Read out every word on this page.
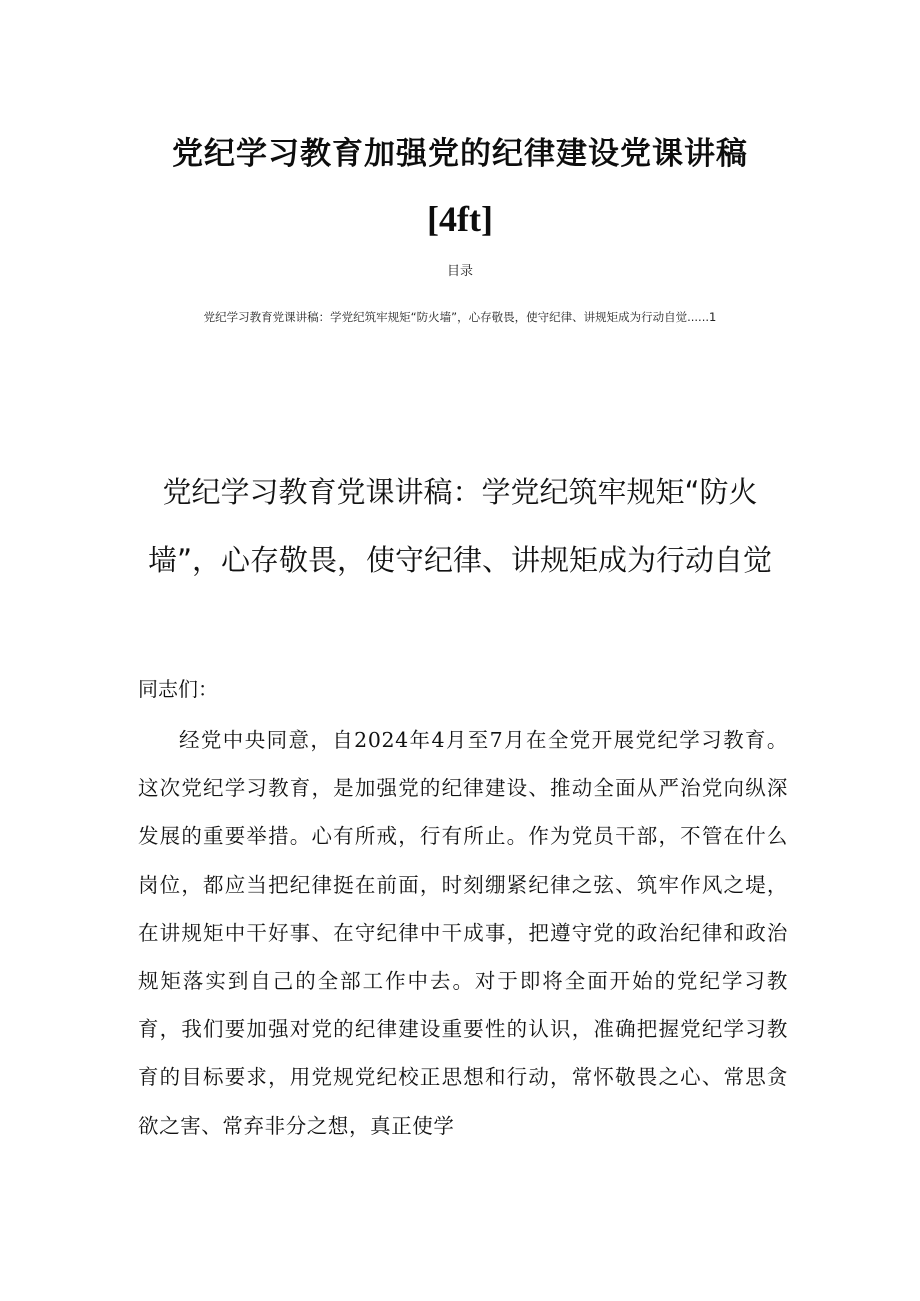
党纪学习教育加强党的纪律建设党课讲稿
[4ft]
目录
党纪学习教育党课讲稿：学党纪筑牢规矩“防火墙”，心存敬畏，使守纪律、讲规矩成为行动自觉......1
党纪学习教育党课讲稿：学党纪筑牢规矩“防火墙”，心存敬畏，使守纪律、讲规矩成为行动自觉
同志们：

经党中央同意，自2024年4月至7月在全党开展党纪学习教育。这次党纪学习教育，是加强党的纪律建设、推动全面从严治党向纵深发展的重要举措。心有所戒，行有所止。作为党员干部，不管在什么岗位，都应当把纪律挺在前面，时刻绷紧纪律之弦、筑牢作风之堤，在讲规矩中干好事、在守纪律中干成事，把遵守党的政治纪律和政治规矩落实到自己的全部工作中去。对于即将全面开始的党纪学习教育，我们要加强对党的纪律建设重要性的认识，准确把握党纪学习教育的目标要求，用党规党纪校正思想和行动，常怀敬畏之心、常思贪欲之害、常弃非分之想，真正使学
